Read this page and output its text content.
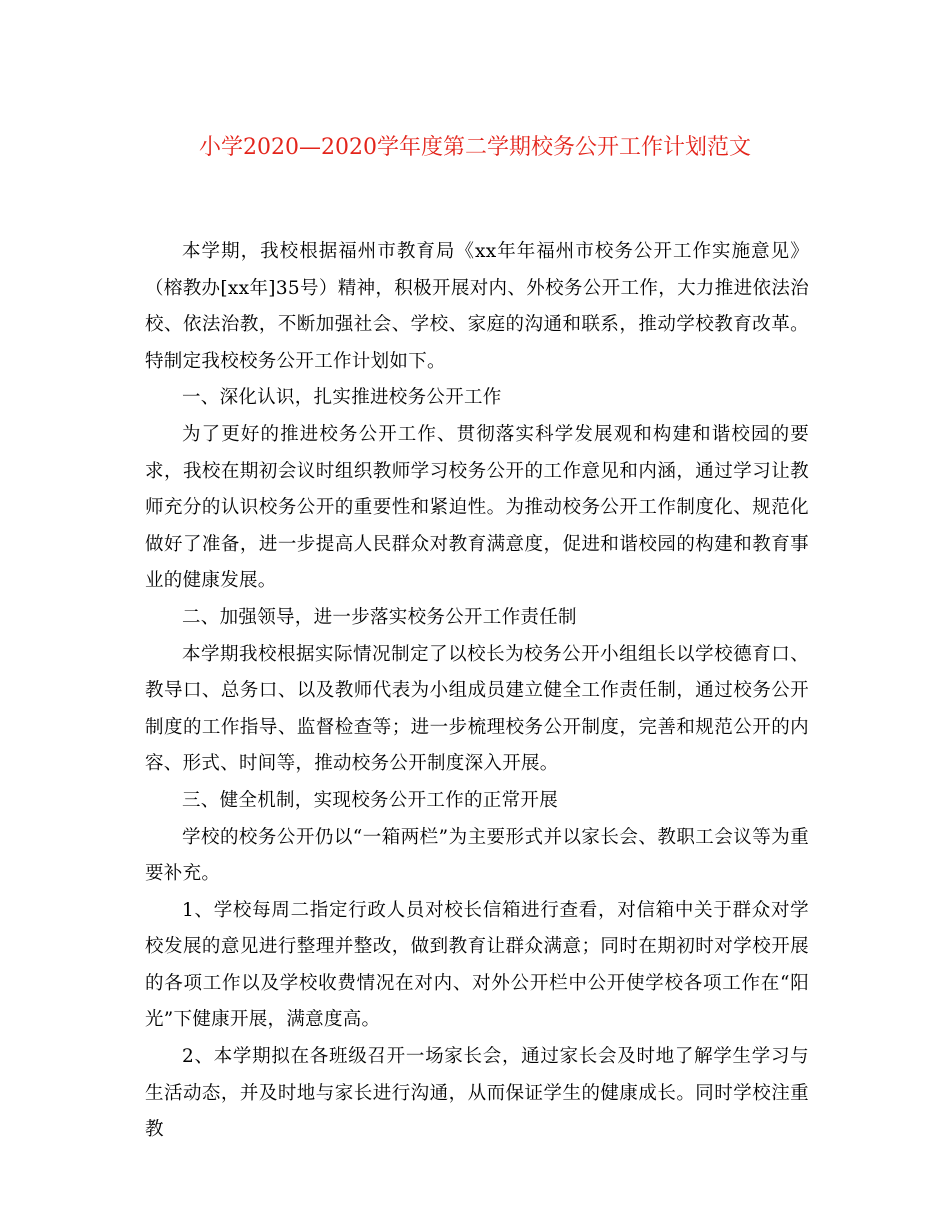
小学2020—2020学年度第二学期校务公开工作计划范文

本学期，我校根据福州市教育局《xx年年福州市校务公开工作实施意见》（榕教办[xx年]35号）精神，积极开展对内、外校务公开工作，大力推进依法治校、依法治教，不断加强社会、学校、家庭的沟通和联系，推动学校教育改革。特制定我校校务公开工作计划如下。

一、深化认识，扎实推进校务公开工作

为了更好的推进校务公开工作、贯彻落实科学发展观和构建和谐校园的要求，我校在期初会议时组织教师学习校务公开的工作意见和内涵，通过学习让教师充分的认识校务公开的重要性和紧迫性。为推动校务公开工作制度化、规范化做好了准备，进一步提高人民群众对教育满意度，促进和谐校园的构建和教育事业的健康发展。

二、加强领导，进一步落实校务公开工作责任制

本学期我校根据实际情况制定了以校长为校务公开小组组长以学校德育口、教导口、总务口、以及教师代表为小组成员建立健全工作责任制，通过校务公开制度的工作指导、监督检查等；进一步梳理校务公开制度，完善和规范公开的内容、形式、时间等，推动校务公开制度深入开展。

三、健全机制，实现校务公开工作的正常开展

学校的校务公开仍以“一箱两栏”为主要形式并以家长会、教职工会议等为重要补充。

1、学校每周二指定行政人员对校长信箱进行查看，对信箱中关于群众对学校发展的意见进行整理并整改，做到教育让群众满意；同时在期初时对学校开展的各项工作以及学校收费情况在对内、对外公开栏中公开使学校各项工作在“阳光”下健康开展，满意度高。

2、本学期拟在各班级召开一场家长会，通过家长会及时地了解学生学习与生活动态，并及时地与家长进行沟通，从而保证学生的健康成长。同时学校注重教
